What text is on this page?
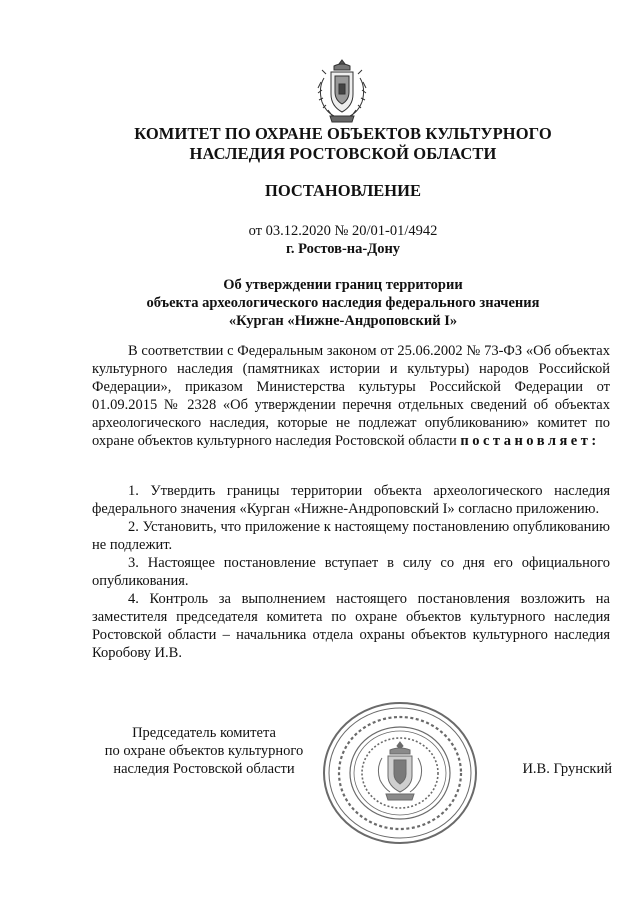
КОМИТЕТ ПО ОХРАНЕ ОБЪЕКТОВ КУЛЬТУРНОГО
НАСЛЕДИЯ РОСТОВСКОЙ ОБЛАСТИ
ПОСТАНОВЛЕНИЕ
от 03.12.2020 № 20/01-01/4942
г. Ростов-на-Дону
Об утверждении границ территории
объекта археологического наследия федерального значения
«Курган «Нижне-Андроповский I»
В соответствии с Федеральным законом от 25.06.2002 № 73-ФЗ «Об объектах культурного наследия (памятниках истории и культуры) народов Российской Федерации», приказом Министерства культуры Российской Федерации от 01.09.2015 № 2328 «Об утверждении перечня отдельных сведений об объектах археологического наследия, которые не подлежат опубликованию» комитет по охране объектов культурного наследия Ростовской области постановляет:

1. Утвердить границы территории объекта археологического наследия федерального значения «Курган «Нижне-Андроповский I» согласно приложению.

2. Установить, что приложение к настоящему постановлению опубликованию не подлежит.

3. Настоящее постановление вступает в силу со дня его официального опубликования.

4. Контроль за выполнением настоящего постановления возложить на заместителя председателя комитета по охране объектов культурного наследия Ростовской области – начальника отдела охраны объектов культурного наследия Коробову И.В.

Председатель комитета
по охране объектов культурного
наследия Ростовской области	И.В. Грунский
